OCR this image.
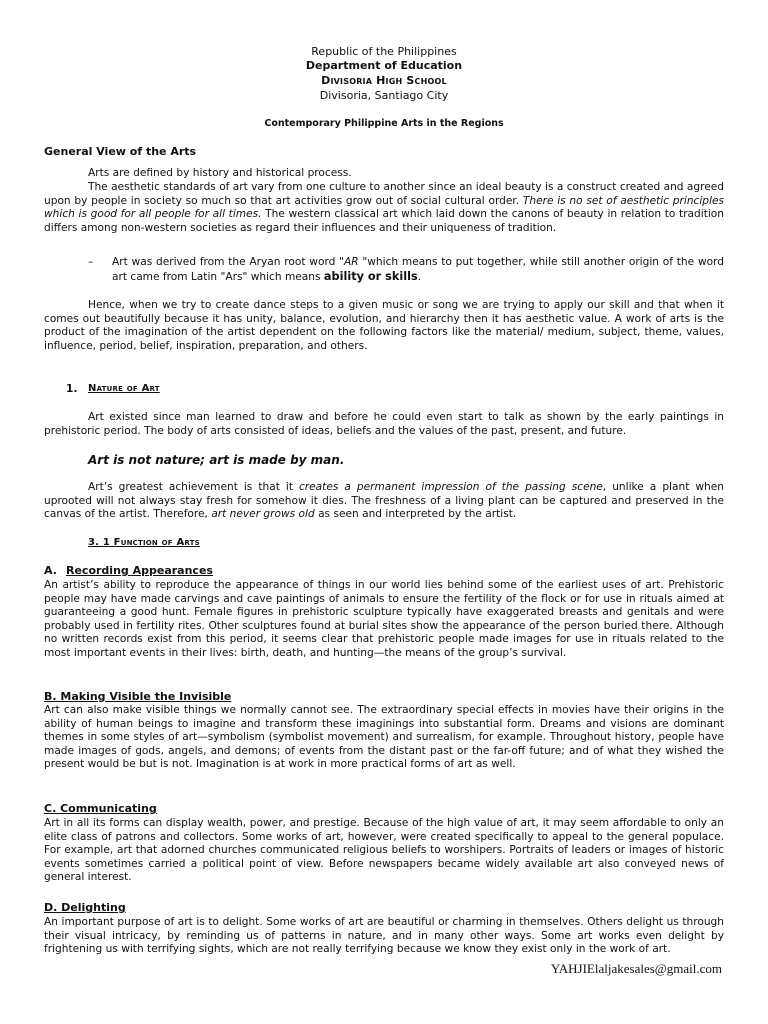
Republic of the Philippines
Department of Education
Divisoria High School
Divisoria, Santiago City
Contemporary Philippine Arts in the Regions
General View of the Arts
Arts are defined by history and historical process.
The aesthetic standards of art vary from one culture to another since an ideal beauty is a construct created and agreed upon by people in society so much so that art activities grow out of social cultural order. There is no set of aesthetic principles which is good for all people for all times. The western classical art which laid down the canons of beauty in relation to tradition differs among non-western societies as regard their influences and their uniqueness of tradition.
– Art was derived from the Aryan root word "AR "which means to put together, while still another origin of the word art came from Latin "Ars" which means ability or skills.
Hence, when we try to create dance steps to a given music or song we are trying to apply our skill and that when it comes out beautifully because it has unity, balance, evolution, and hierarchy then it has aesthetic value. A work of arts is the product of the imagination of the artist dependent on the following factors like the material/ medium, subject, theme, values, influence, period, belief, inspiration, preparation, and others.
1. Nature of Art
Art existed since man learned to draw and before he could even start to talk as shown by the early paintings in prehistoric period. The body of arts consisted of ideas, beliefs and the values of the past, present, and future.
Art is not nature; art is made by man.
Art’s greatest achievement is that it creates a permanent impression of the passing scene, unlike a plant when uprooted will not always stay fresh for somehow it dies. The freshness of a living plant can be captured and preserved in the canvas of the artist. Therefore, art never grows old as seen and interpreted by the artist.
3. 1 Function of Arts
A. Recording Appearances
An artist’s ability to reproduce the appearance of things in our world lies behind some of the earliest uses of art. Prehistoric people may have made carvings and cave paintings of animals to ensure the fertility of the flock or for use in rituals aimed at guaranteeing a good hunt. Female figures in prehistoric sculpture typically have exaggerated breasts and genitals and were probably used in fertility rites. Other sculptures found at burial sites show the appearance of the person buried there. Although no written records exist from this period, it seems clear that prehistoric people made images for use in rituals related to the most important events in their lives: birth, death, and hunting—the means of the group’s survival.
B. Making Visible the Invisible
Art can also make visible things we normally cannot see. The extraordinary special effects in movies have their origins in the ability of human beings to imagine and transform these imaginings into substantial form. Dreams and visions are dominant themes in some styles of art—symbolism (symbolist movement) and surrealism, for example. Throughout history, people have made images of gods, angels, and demons; of events from the distant past or the far-off future; and of what they wished the present would be but is not. Imagination is at work in more practical forms of art as well.
C. Communicating
Art in all its forms can display wealth, power, and prestige. Because of the high value of art, it may seem affordable to only an elite class of patrons and collectors. Some works of art, however, were created specifically to appeal to the general populace. For example, art that adorned churches communicated religious beliefs to worshipers. Portraits of leaders or images of historic events sometimes carried a political point of view. Before newspapers became widely available art also conveyed news of general interest.
D. Delighting
An important purpose of art is to delight. Some works of art are beautiful or charming in themselves. Others delight us through their visual intricacy, by reminding us of patterns in nature, and in many other ways. Some art works even delight by frightening us with terrifying sights, which are not really terrifying because we know they exist only in the work of art.
YAHJIElaljakesales@gmail.com
